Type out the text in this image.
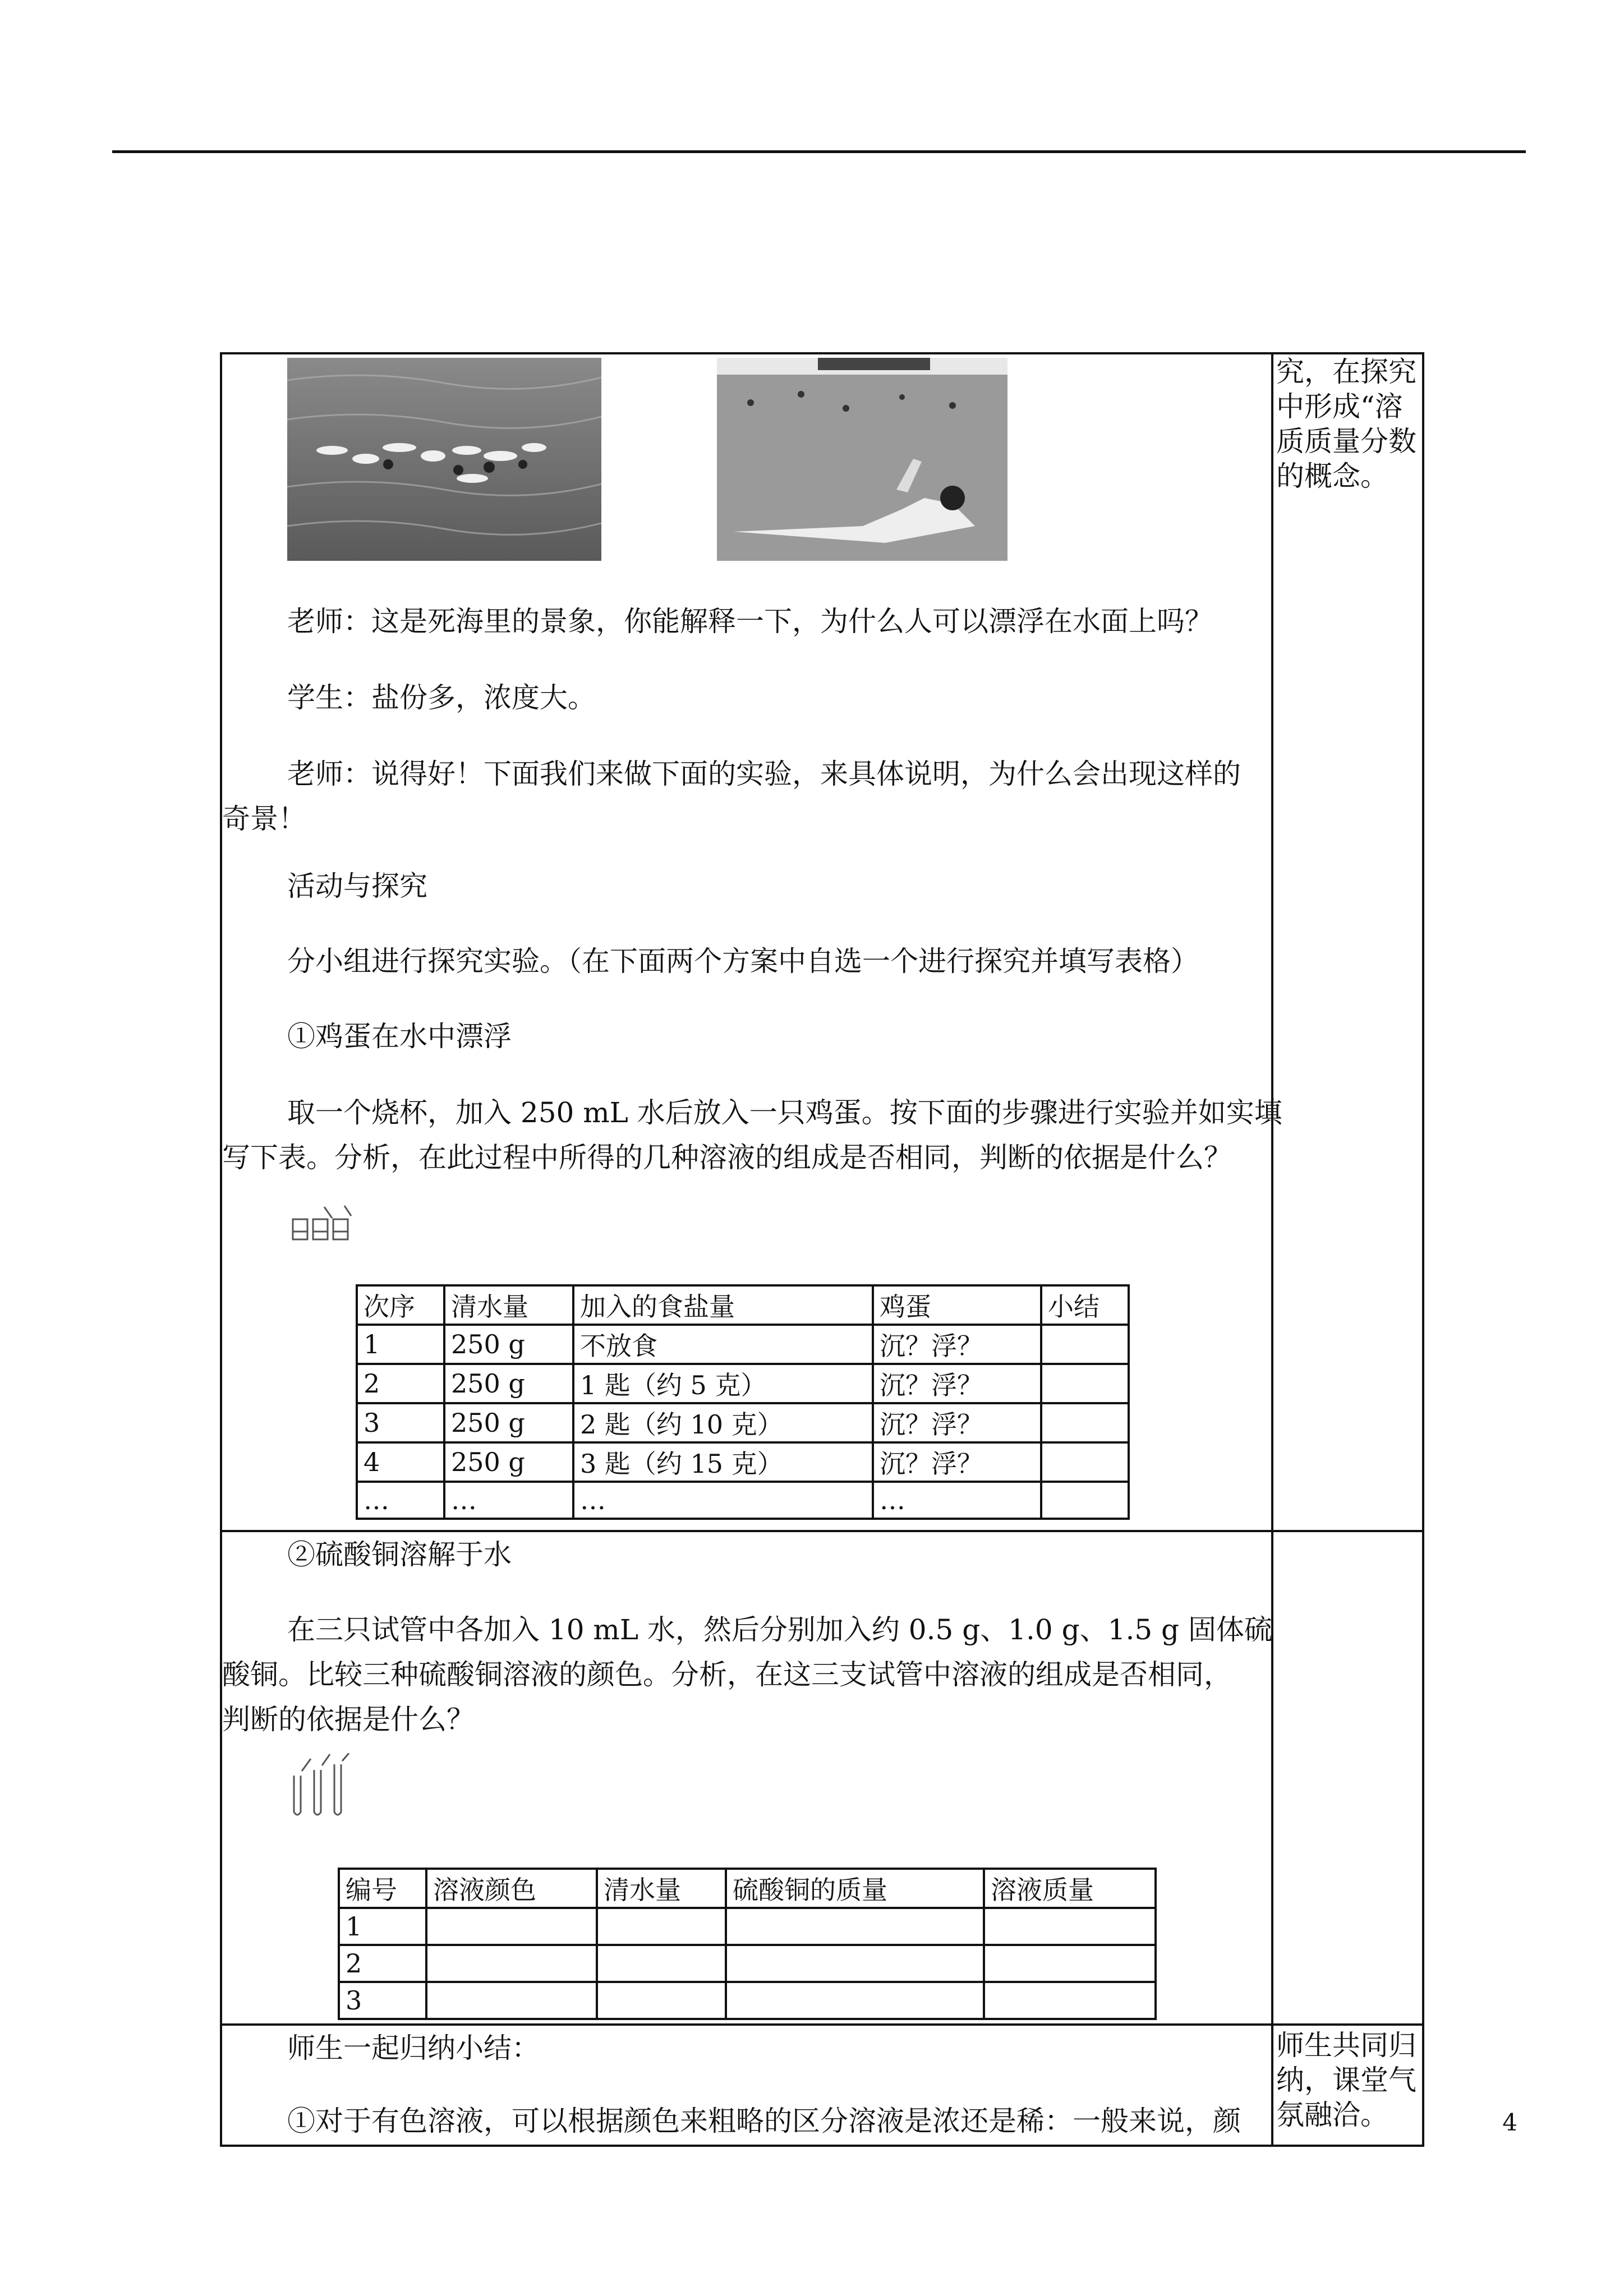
究，在探究
中形成“溶
质质量分数
的概念。
师生共同归
纳，课堂气
氛融洽。
老师：这是死海里的景象，你能解释一下，为什么人可以漂浮在水面上吗？
学生：盐份多，浓度大。
老师：说得好！下面我们来做下面的实验，来具体说明，为什么会出现这样的
奇景！
活动与探究
分小组进行探究实验。（在下面两个方案中自选一个进行探究并填写表格）
①鸡蛋在水中漂浮
取一个烧杯，加入 250 mL 水后放入一只鸡蛋。按下面的步骤进行实验并如实填
写下表。分析，在此过程中所得的几种溶液的组成是否相同，判断的依据是什么？
次序	清水量	加入的食盐量	鸡蛋	小结
1	250 g	不放食	沉？浮？	
2	250 g	1 匙（约 5 克）	沉？浮？	
3	250 g	2 匙（约 10 克）	沉？浮？	
4	250 g	3 匙（约 15 克）	沉？浮？	
…	…	…	…	
②硫酸铜溶解于水
在三只试管中各加入 10 mL 水，然后分别加入约 0.5 g、1.0 g、1.5 g 固体硫
酸铜。比较三种硫酸铜溶液的颜色。分析，在这三支试管中溶液的组成是否相同，
判断的依据是什么？
编号	溶液颜色	清水量	硫酸铜的质量	溶液质量
1				
2				
3				
师生一起归纳小结：
①对于有色溶液，可以根据颜色来粗略的区分溶液是浓还是稀：一般来说，颜	4
